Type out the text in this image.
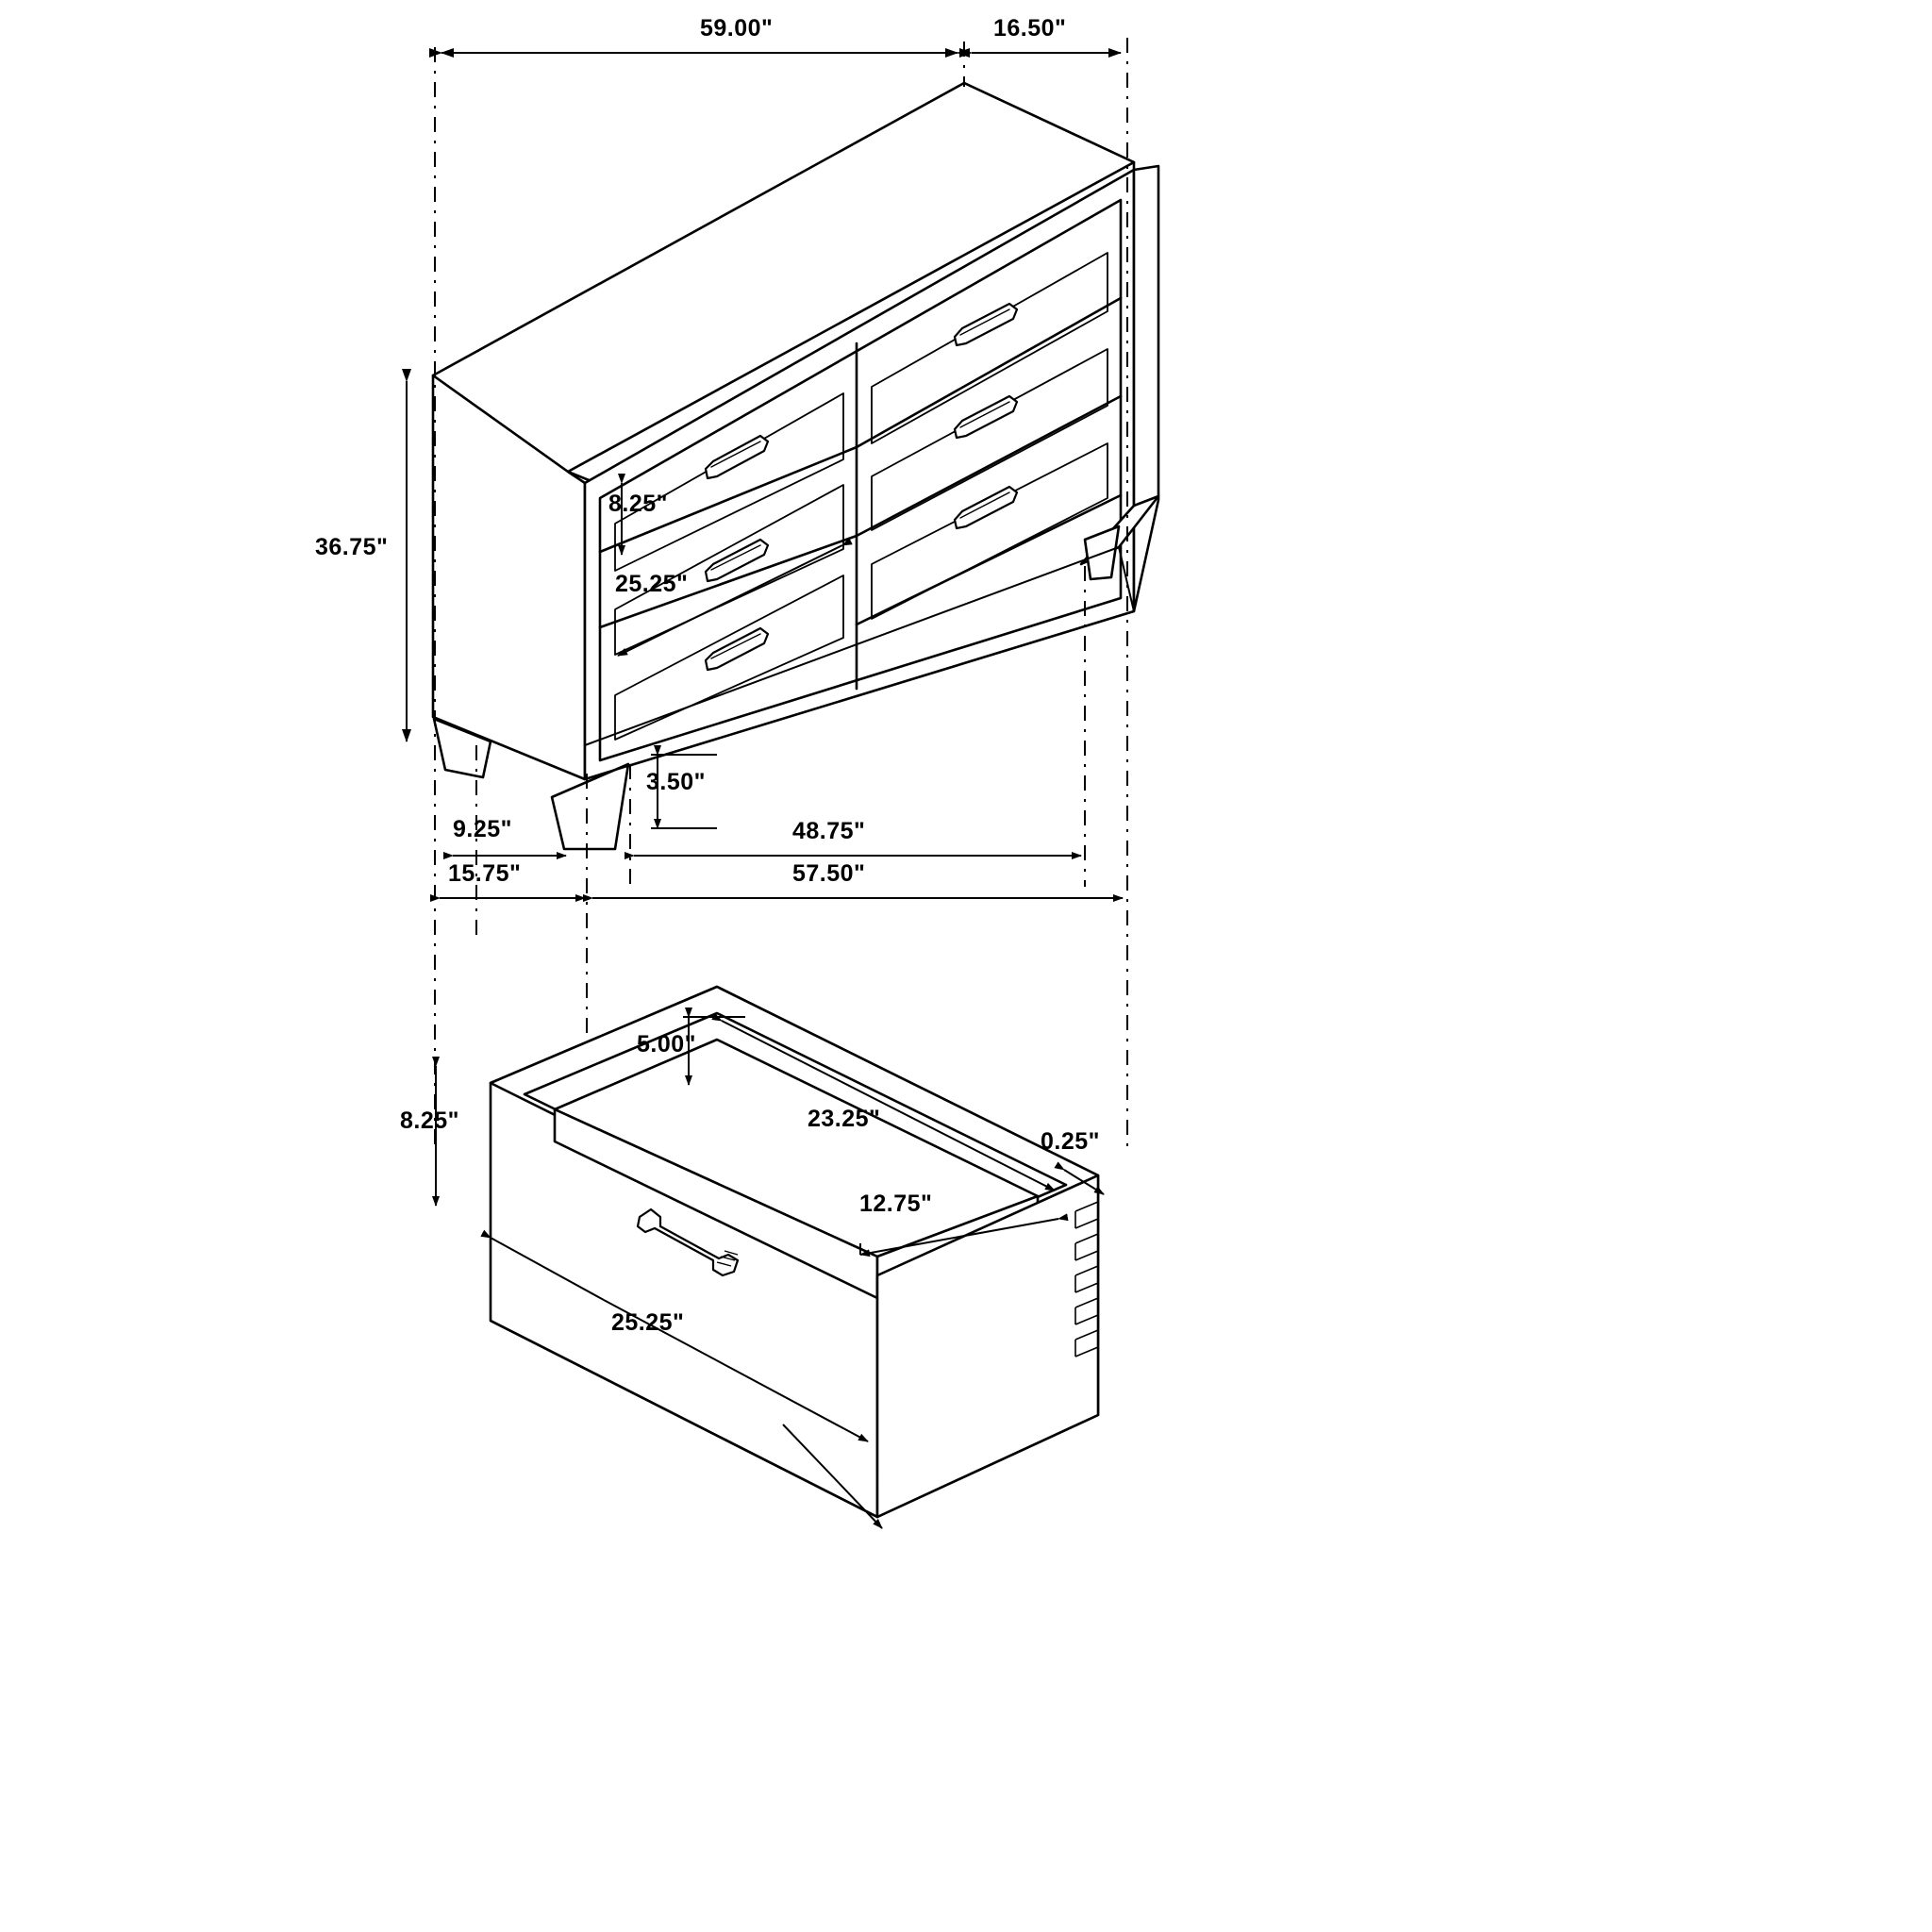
59.00"	16.50"
36.75"
8.25"
25.25"
3.50"
9.25"
15.75"
48.75"
57.50"
5.00"
8.25"	23.25"
0.25"
12.75"
25.25"
